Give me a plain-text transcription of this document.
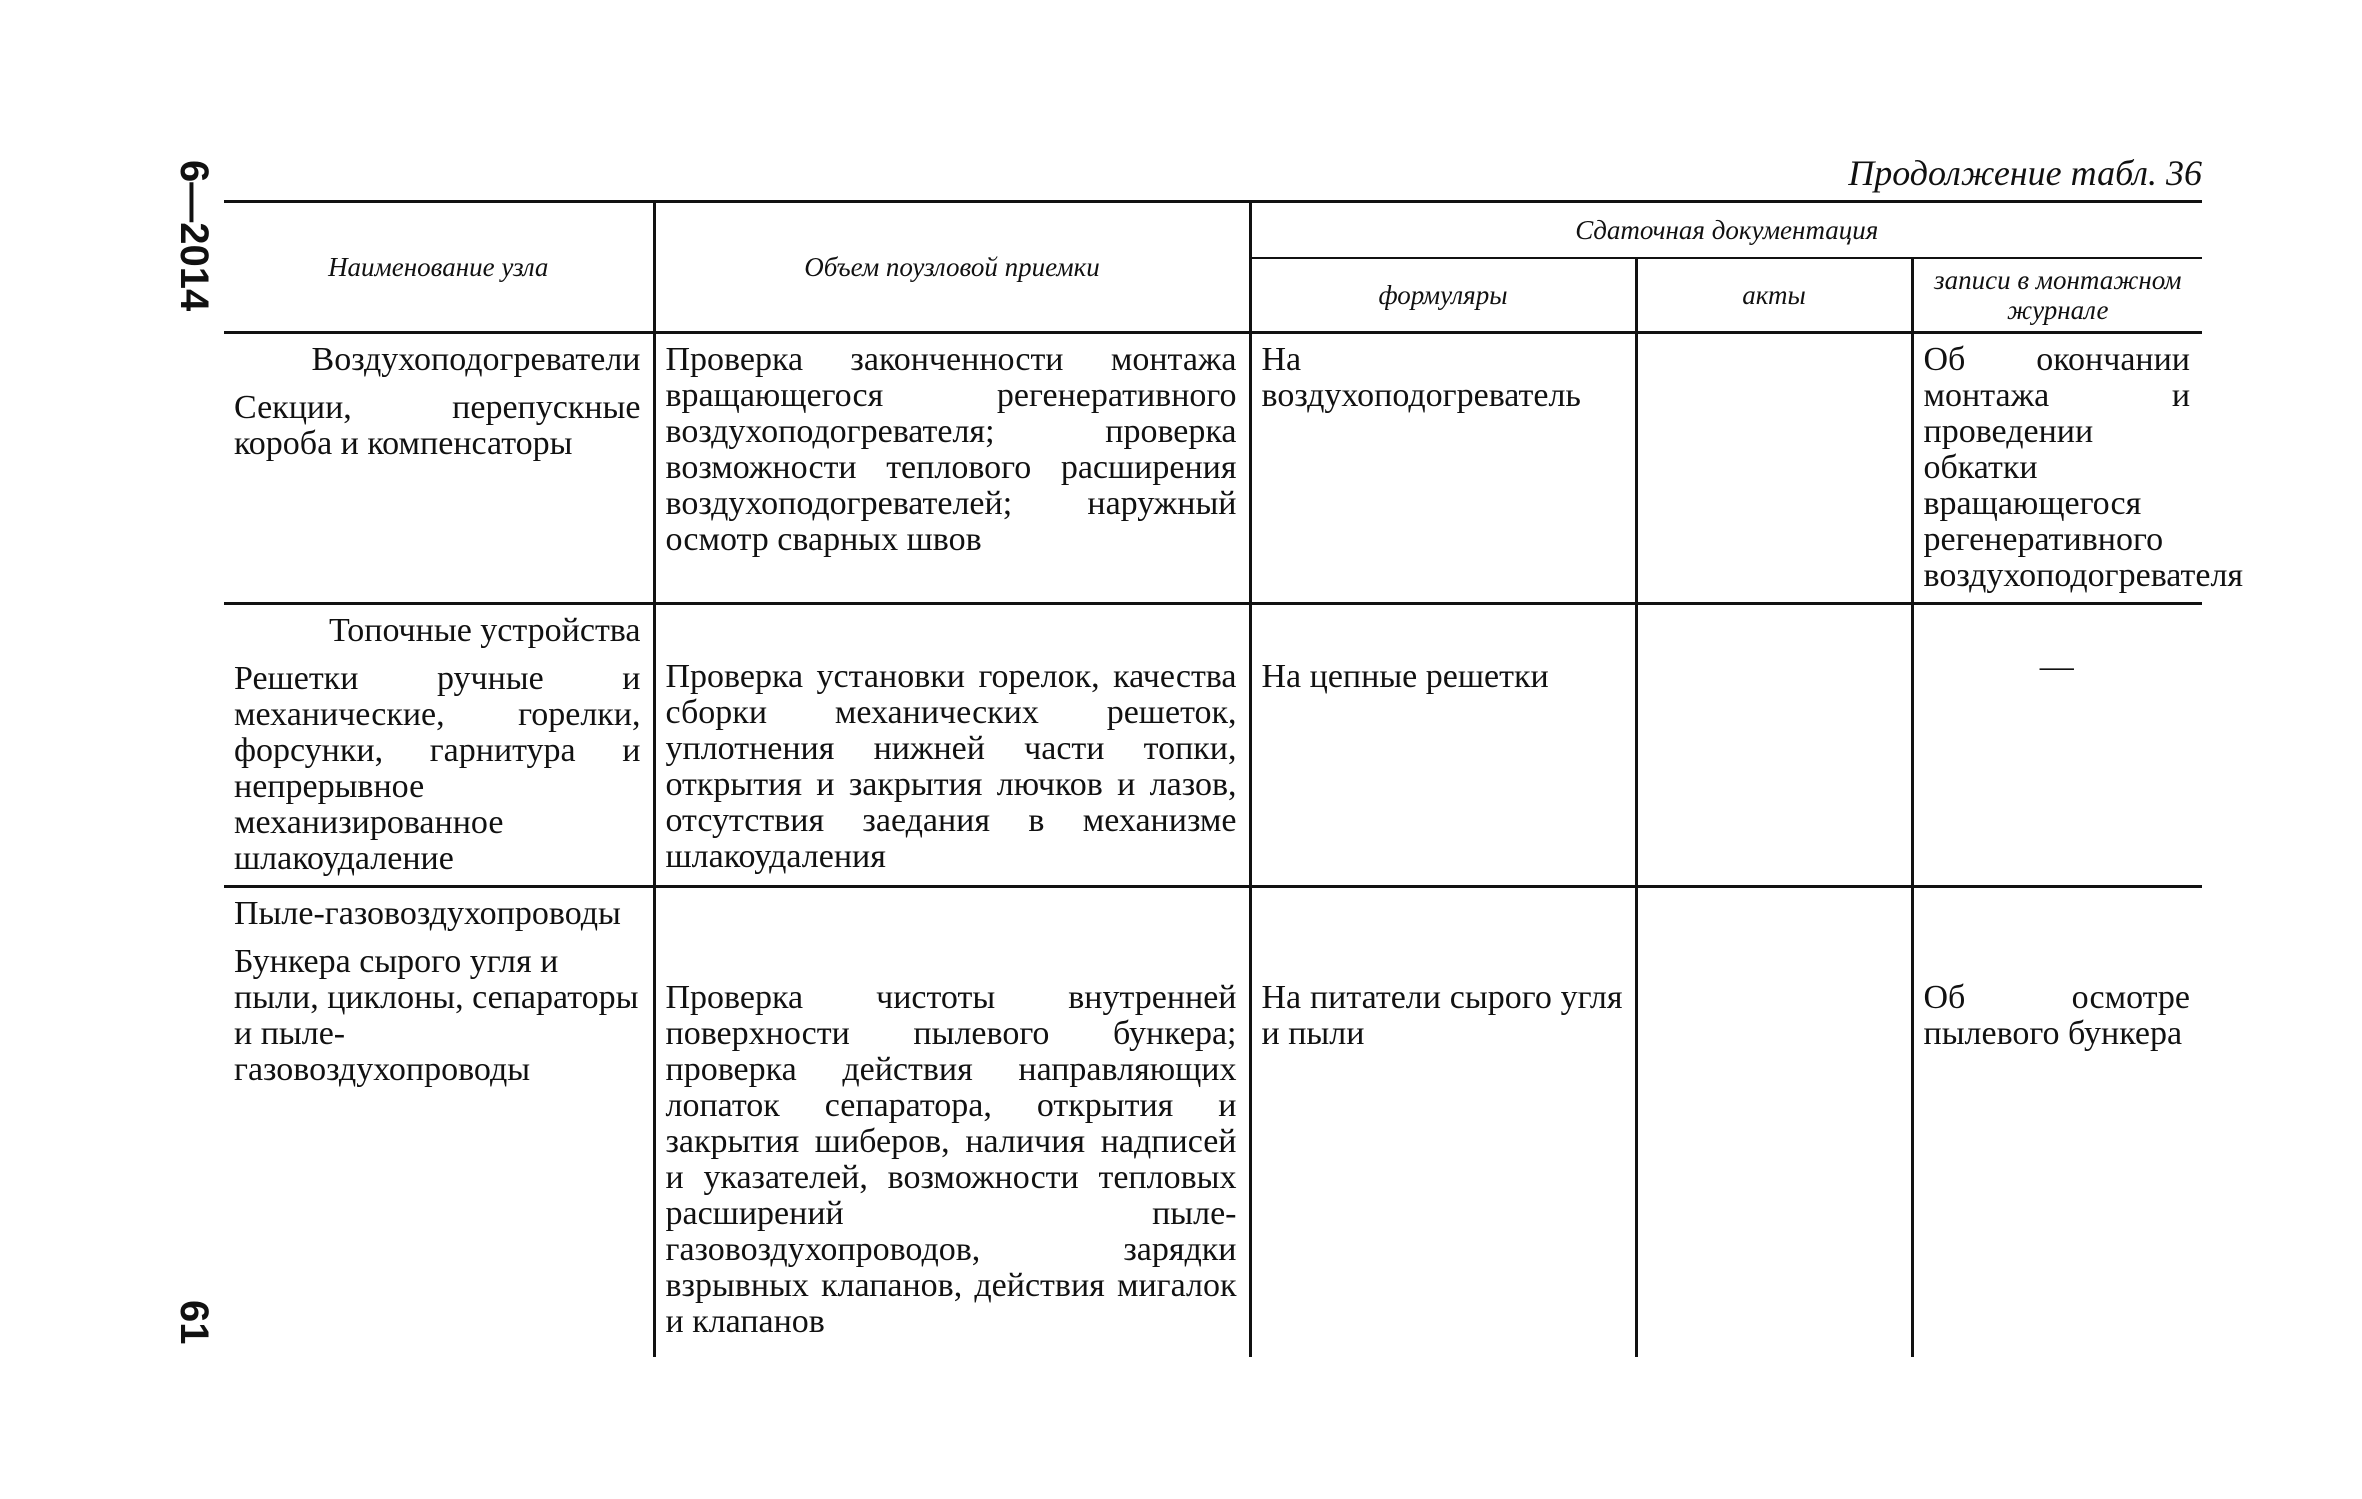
6—2014
61
Продолжение табл. 36
Наименование узла	Объем поузловой приемки	Сдаточная документация		
		формуляры	акты	записи в монтажном журнале

Воздухоподогреватели
Секции, перепускные короба и компенсаторы	Проверка законченности монтажа вращающегося регенеративного воздухоподогревателя; проверка возможности теплового расширения воздухоподогревателей; наружный осмотр сварных швов	На воздухоподогреватель		Об окончании монтажа и проведении обкатки вращающегося регенеративного воздухоподогревателя

Топочные устройства
Решетки ручные и механические, горелки, форсунки, гарнитура и непрерывное механизированное шлакоудаление	Проверка установки горелок, качества сборки механических решеток, уплотнения нижней части топки, открытия и закрытия лючков и лазов, отсутствия заедания в механизме шлакоудаления	На цепные решетки		—

Пыле-газовоздухопроводы
Бункера сырого угля и пыли, циклоны, сепараторы и пыле-газовоздухопроводы	Проверка чистоты внутренней поверхности пылевого бункера; проверка действия направляющих лопаток сепаратора, открытия и закрытия шиберов, наличия надписей и указателей, возможности тепловых расширений пыле-газовоздухопроводов, зарядки взрывных клапанов, действия мигалок и клапанов	На питатели сырого угля и пыли		Об осмотре пылевого бункера
